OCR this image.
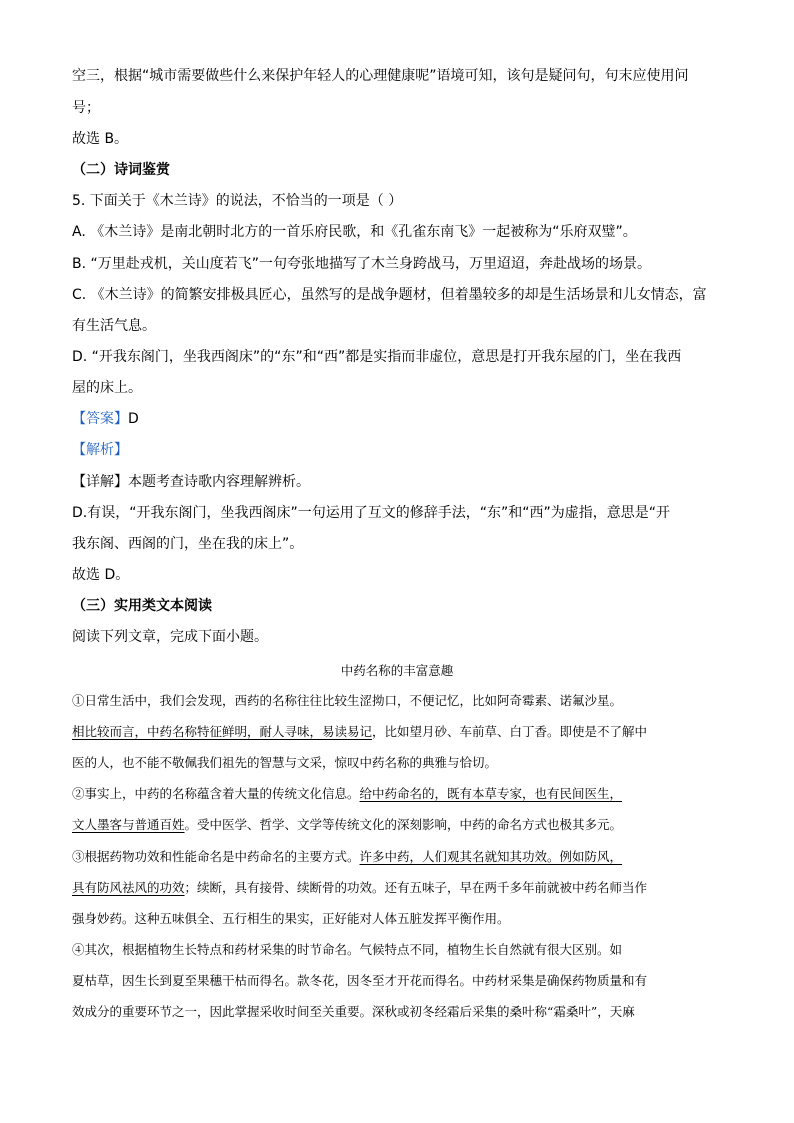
空三，根据“城市需要做些什么来保护年轻人的心理健康呢”语境可知，该句是疑问句，句末应使用问

号；

故选 B。

（二）诗词鉴赏

5. 下面关于《木兰诗》的说法，不恰当的一项是（ ）

A. 《木兰诗》是南北朝时北方的一首乐府民歌，和《孔雀东南飞》一起被称为“乐府双璧”。

B. “万里赴戎机，关山度若飞”一句夸张地描写了木兰身跨战马，万里迢迢，奔赴战场的场景。

C. 《木兰诗》的简繁安排极具匠心，虽然写的是战争题材，但着墨较多的却是生活场景和儿女情态，富

有生活气息。

D. “开我东阁门，坐我西阁床”的“东”和“西”都是实指而非虚位，意思是打开我东屋的门，坐在我西

屋的床上。

【答案】D

【解析】

【详解】本题考查诗歌内容理解辨析。

D.有误，“开我东阁门，坐我西阁床”一句运用了互文的修辞手法，“东”和“西”为虚指，意思是“开

我东阁、西阁的门，坐在我的床上”。

故选 D。

（三）实用类文本阅读

阅读下列文章，完成下面小题。

中药名称的丰富意趣

①日常生活中，我们会发现，西药的名称往往比较生涩拗口，不便记忆，比如阿奇霉素、诺氟沙星。

相比较而言，中药名称特征鲜明，耐人寻味，易读易记，比如望月砂、车前草、白丁香。即使是不了解中

医的人，也不能不敬佩我们祖先的智慧与文采，惊叹中药名称的典雅与恰切。

②事实上，中药的名称蕴含着大量的传统文化信息。给中药命名的，既有本草专家，也有民间医生，

文人墨客与普通百姓。受中医学、哲学、文学等传统文化的深刻影响，中药的命名方式也极其多元。

③根据药物功效和性能命名是中药命名的主要方式。许多中药，人们观其名就知其功效。例如防风，

具有防风祛风的功效；续断，具有接骨、续断骨的功效。还有五味子，早在两千多年前就被中药名师当作

强身妙药。这种五味俱全、五行相生的果实，正好能对人体五脏发挥平衡作用。

④其次，根据植物生长特点和药材采集的时节命名。气候特点不同，植物生长自然就有很大区别。如

夏枯草，因生长到夏至果穗干枯而得名。款冬花，因冬至才开花而得名。中药材采集是确保药物质量和有

效成分的重要环节之一，因此掌握采收时间至关重要。深秋或初冬经霜后采集的桑叶称“霜桑叶”，天麻
